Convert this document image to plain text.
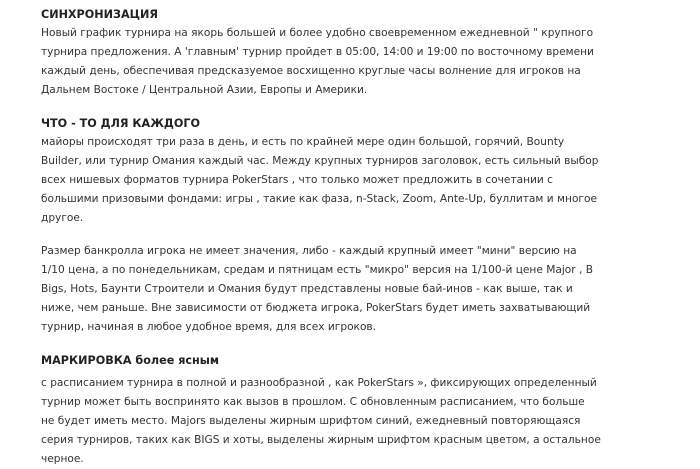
СИНХРОНИЗАЦИЯ

Новый график турнира на якорь большей и более удобно своевременном ежедневной " крупного турнира предложения. А 'главным' турнир пройдет в 05:00, 14:00 и 19:00 по восточному времени каждый день, обеспечивая предсказуемое восхищенно круглые часы волнение для игроков на Дальнем Востоке / Центральной Азии, Европы и Америки.

ЧТО - ТО ДЛЯ КАЖДОГО

майоры происходят три раза в день, и есть по крайней мере один большой, горячий, Bounty Builder, или турнир Омания каждый час. Между крупных турниров заголовок, есть сильный выбор всех нишевых форматов турнира PokerStars , что только может предложить в сочетании с большими призовыми фондами: игры , такие как фаза, n-Stack, Zoom, Ante-Up, буллитам и многое другое.

Размер банкролла игрока не имеет значения, либо - каждый крупный имеет "мини" версию на 1/10 цена, а по понедельникам, средам и пятницам есть "микро" версия на 1/100-й цене Major , В Bigs, Hots, Баунти Строители и Омания будут представлены новые бай-инов - как выше, так и ниже, чем раньше. Вне зависимости от бюджета игрока, PokerStars будет иметь захватывающий турнир, начиная в любое удобное время, для всех игроков.

МАРКИРОВКА более ясным

с расписанием турнира в полной и разнообразной , как PokerStars », фиксирующих определенный турнир может быть воспринято как вызов в прошлом. С обновленным расписанием, что больше не будет иметь место. Majors выделены жирным шрифтом синий, ежедневный повторяющаяся серия турниров, таких как BIGS и хоты, выделены жирным шрифтом красным цветом, а остальное черное.
